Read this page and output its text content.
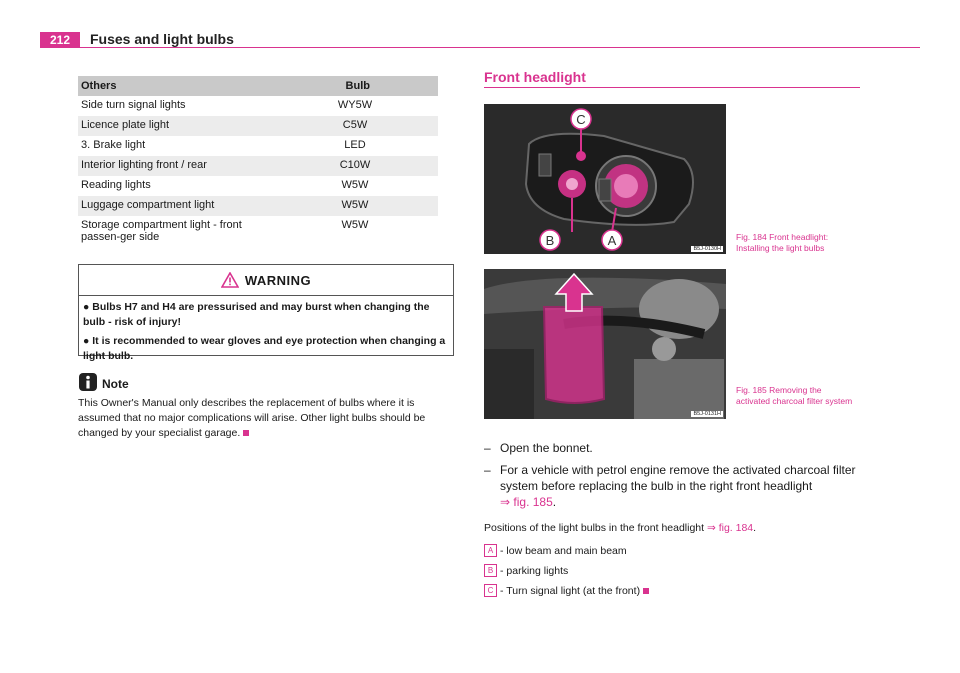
212	Fuses and light bulbs
Others	Bulb
Side turn signal lights	WY5W
Licence plate light	C5W
3. Brake light	LED
Interior lighting front / rear	C10W
Reading lights	W5W
Luggage compartment light	W5W
Storage compartment light - front passen-ger side	W5W
WARNING

● Bulbs H7 and H4 are pressurised and may burst when changing the bulb - risk of injury!

● It is recommended to wear gloves and eye protection when changing a light bulb.

Note
This Owner's Manual only describes the replacement of bulbs where it is assumed that no major complications will arise. Other light bulbs should be changed by your specialist garage.
Front headlight
C
B	A
B5J-0130H
Fig. 184 Front headlight: Installing the light bulbs
B5J-0131H
Fig. 185 Removing the activated charcoal filter system
– Open the bonnet.
– For a vehicle with petrol engine remove the activated charcoal filter system before replacing the bulb in the right front headlight
⇒ fig. 185.
Positions of the light bulbs in the front headlight ⇒ fig. 184.
A - low beam and main beam
B - parking lights
C - Turn signal light (at the front)
